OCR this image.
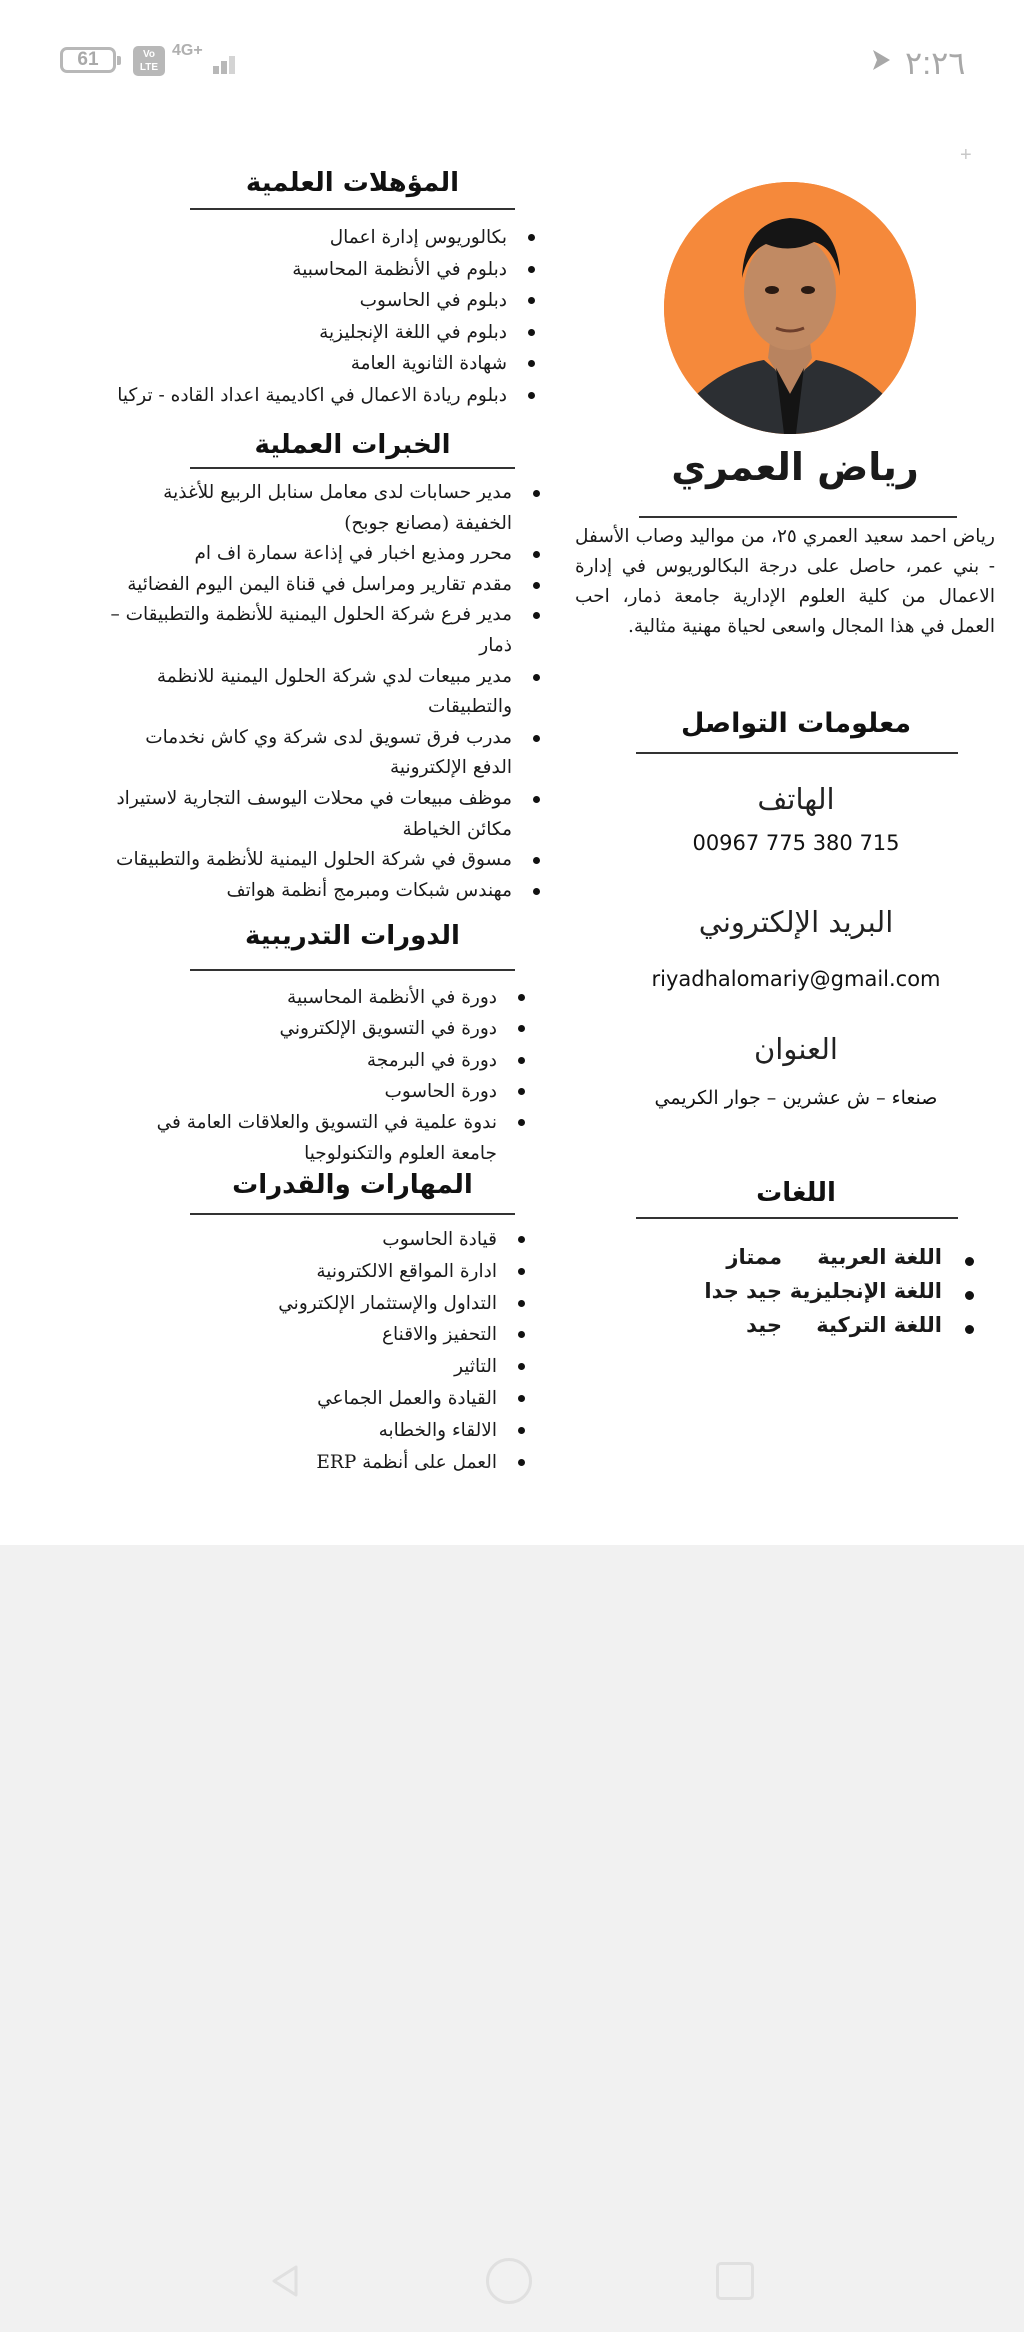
61	Vo LTE
4G+	٢:٢٦
+
رياض العمري
رياض احمد سعيد العمري ٢٥، من مواليد وصاب الأسفل - بني عمر، حاصل على درجة البكالوريوس في إدارة الاعمال من كلية العلوم الإدارية جامعة ذمار، احب العمل في هذا المجال واسعى لحياة مهنية مثالية.
معلومات التواصل
الهاتف
00967 775 380 715
البريد الإلكتروني
riyadhalomariy@gmail.com
العنوان
صنعاء – ش عشرين – جوار الكريمي
اللغات
اللغة العربية
ممتاز
اللغة الإنجليزية
جيد جدا
اللغة التركية
جيد
المؤهلات العلمية
بكالوريوس إدارة اعمال
دبلوم في الأنظمة المحاسبية
دبلوم في الحاسوب
دبلوم في اللغة الإنجليزية
شهادة الثانوية العامة
دبلوم ريادة الاعمال في اكاديمية اعداد القاده - تركيا
الخبرات العملية
مدير حسابات لدى معامل سنابل الربيع للأغذية الخفيفة (مصانع جوبح)
محرر ومذيع اخبار في إذاعة سمارة اف ام
مقدم تقارير ومراسل في قناة اليمن اليوم الفضائية
مدير فرع شركة الحلول اليمنية للأنظمة والتطبيقات – ذمار
مدير مبيعات لدي شركة الحلول اليمنية للانظمة والتطبيقات
مدرب فرق تسويق لدى شركة وي كاش نخدمات الدفع الإلكترونية
موظف مبيعات في محلات اليوسف التجارية لاستيراد مكائن الخياطة
مسوق في شركة الحلول اليمنية للأنظمة والتطبيقات
مهندس شبكات ومبرمج أنظمة هواتف
الدورات التدريبية
دورة في الأنظمة المحاسبية
دورة في التسويق الإلكتروني
دورة في البرمجة
دورة الحاسوب
ندوة علمية في التسويق والعلاقات العامة في جامعة العلوم والتكنولوجيا
المهارات والقدرات
قيادة الحاسوب
ادارة المواقع الالكترونية
التداول والإستثمار الإلكتروني
التحفيز والاقناع
التاثير
القيادة والعمل الجماعي
الالقاء والخطابه
العمل على أنظمة ERP
